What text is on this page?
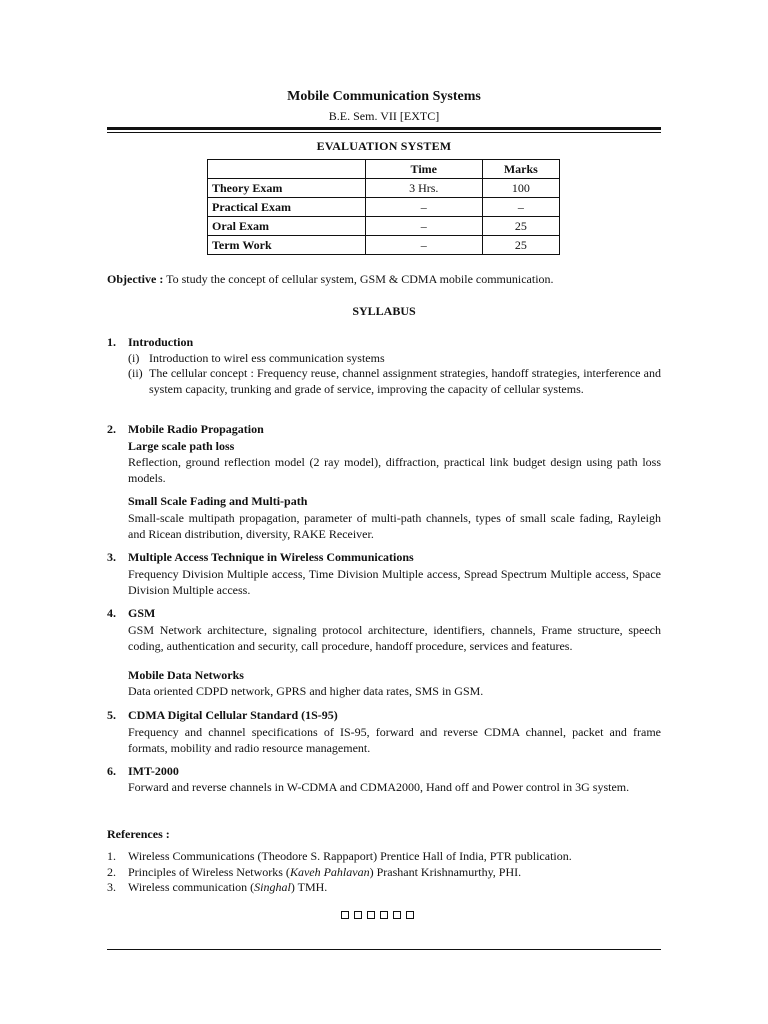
Mobile Communication Systems
B.E. Sem. VII [EXTC]
EVALUATION SYSTEM
	Time	Marks
Theory Exam	3 Hrs.	100
Practical Exam	–	–
Oral Exam	–	25
Term Work	–	25
Objective : To study the concept of cellular system, GSM & CDMA mobile communication.
SYLLABUS
1. Introduction
(i) Introduction to wirel ess communication systems
(ii) The cellular concept : Frequency reuse, channel assignment strategies, handoff strategies, interference and system capacity, trunking and grade of service, improving the capacity of cellular systems.
2. Mobile Radio Propagation
Large scale path loss
Reflection, ground reflection model (2 ray model), diffraction, practical link budget design using path loss models.
Small Scale Fading and Multi-path
Small-scale multipath propagation, parameter of multi-path channels, types of small scale fading, Rayleigh and Ricean distribution, diversity, RAKE Receiver.
3. Multiple Access Technique in Wireless Communications
Frequency Division Multiple access, Time Division Multiple access, Spread Spectrum Multiple access, Space Division Multiple access.
4. GSM
GSM Network architecture, signaling protocol architecture, identifiers, channels, Frame structure, speech coding, authentication and security, call procedure, handoff procedure, services and features.
Mobile Data Networks
Data oriented CDPD network, GPRS and higher data rates, SMS in GSM.
5. CDMA Digital Cellular Standard (1S-95)
Frequency and channel specifications of IS-95, forward and reverse CDMA channel, packet and frame formats, mobility and radio resource management.
6. IMT-2000
Forward and reverse channels in W-CDMA and CDMA2000, Hand off and Power control in 3G system.
References :
1. Wireless Communications (Theodore S. Rappaport) Prentice Hall of India, PTR publication.
2. Principles of Wireless Networks (Kaveh Pahlavan) Prashant Krishnamurthy, PHI.
3. Wireless communication (Singhal) TMH.
